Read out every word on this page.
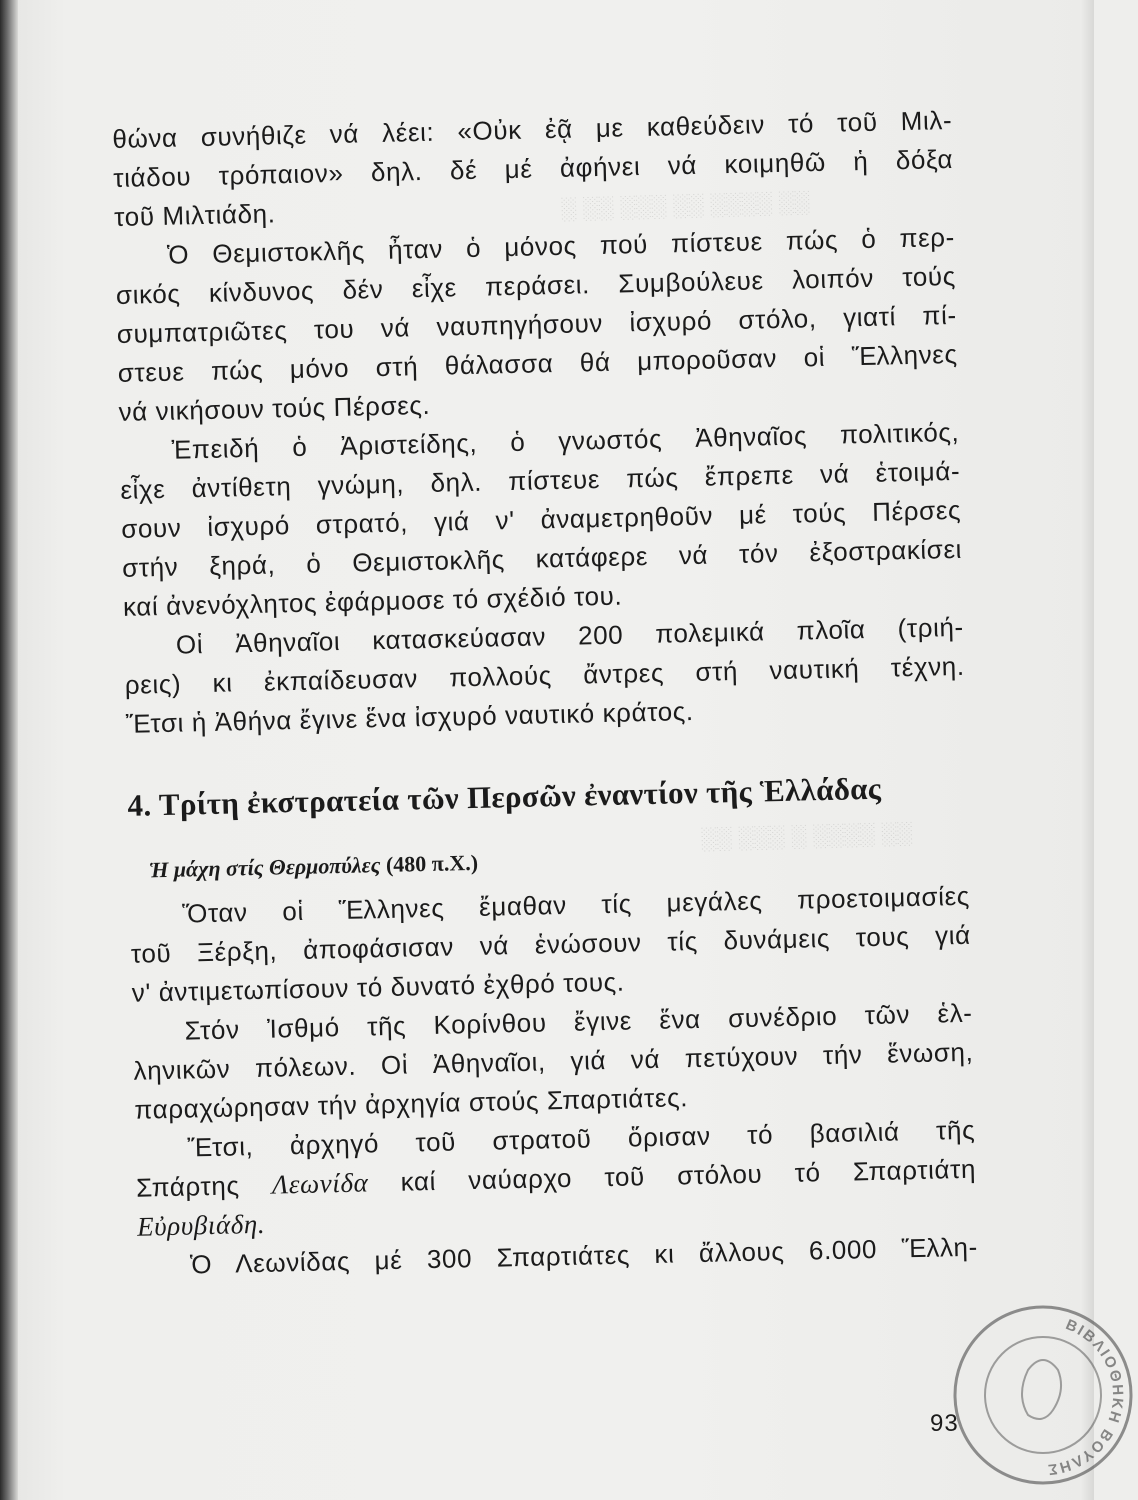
░ ░░ ░░░ ░░ ░░░░ ░░
░░ ░░░ ░ ░░░░ ░░
θώνα συνήθιζε νά λέει: «Οὐκ ἐᾷ με καθεύδειν τό τοῦ Μιλ-
τιάδου τρόπαιον» δηλ. δέ μέ ἀφήνει νά κοιμηθῶ ἡ δόξα
τοῦ Μιλτιάδη.
Ὁ Θεμιστοκλῆς ἦταν ὁ μόνος πού πίστευε πώς ὁ περ-
σικός κίνδυνος δέν εἶχε περάσει. Συμβούλευε λοιπόν τούς
συμπατριῶτες του νά ναυπηγήσουν ἰσχυρό στόλο, γιατί πί-
στευε πώς μόνο στή θάλασσα θά μποροῦσαν οἱ Ἕλληνες
νά νικήσουν τούς Πέρσες.
Ἐπειδή ὁ Ἀριστείδης, ὁ γνωστός Ἀθηναῖος πολιτικός,
εἶχε ἀντίθετη γνώμη, δηλ. πίστευε πώς ἔπρεπε νά ἑτοιμά-
σουν ἰσχυρό στρατό, γιά ν' ἀναμετρηθοῦν μέ τούς Πέρσες
στήν ξηρά, ὁ Θεμιστοκλῆς κατάφερε νά τόν ἐξοστρακίσει
καί ἀνενόχλητος ἐφάρμοσε τό σχέδιό του.
Οἱ Ἀθηναῖοι κατασκεύασαν 200 πολεμικά πλοῖα (τριή-
ρεις) κι ἐκπαίδευσαν πολλούς ἄντρες στή ναυτική τέχνη.
Ἔτσι ἡ Ἀθήνα ἔγινε ἕνα ἰσχυρό ναυτικό κράτος.
4. Τρίτη ἐκστρατεία τῶν Περσῶν ἐναντίον τῆς Ἑλλάδας
Ἡ μάχη στίς Θερμοπύλες (480 π.Χ.)
Ὅταν οἱ Ἕλληνες ἔμαθαν τίς μεγάλες προετοιμασίες
τοῦ Ξέρξη, ἀποφάσισαν νά ἑνώσουν τίς δυνάμεις τους γιά
ν' ἀντιμετωπίσουν τό δυνατό ἐχθρό τους.
Στόν Ἰσθμό τῆς Κορίνθου ἔγινε ἕνα συνέδριο τῶν ἑλ-
ληνικῶν πόλεων. Οἱ Ἀθηναῖοι, γιά νά πετύχουν τήν ἕνωση,
παραχώρησαν τήν ἀρχηγία στούς Σπαρτιάτες.
Ἔτσι, ἀρχηγό τοῦ στρατοῦ ὅρισαν τό βασιλιά τῆς
Σπάρτης Λεωνίδα καί ναύαρχο τοῦ στόλου τό Σπαρτιάτη
Εὐρυβιάδη.
Ὁ Λεωνίδας μέ 300 Σπαρτιάτες κι ἄλλους 6.000 Ἕλλη-
93
ΒΙΒΛΙΟΘΗΚΗ ΒΟΥΛΗΣ
